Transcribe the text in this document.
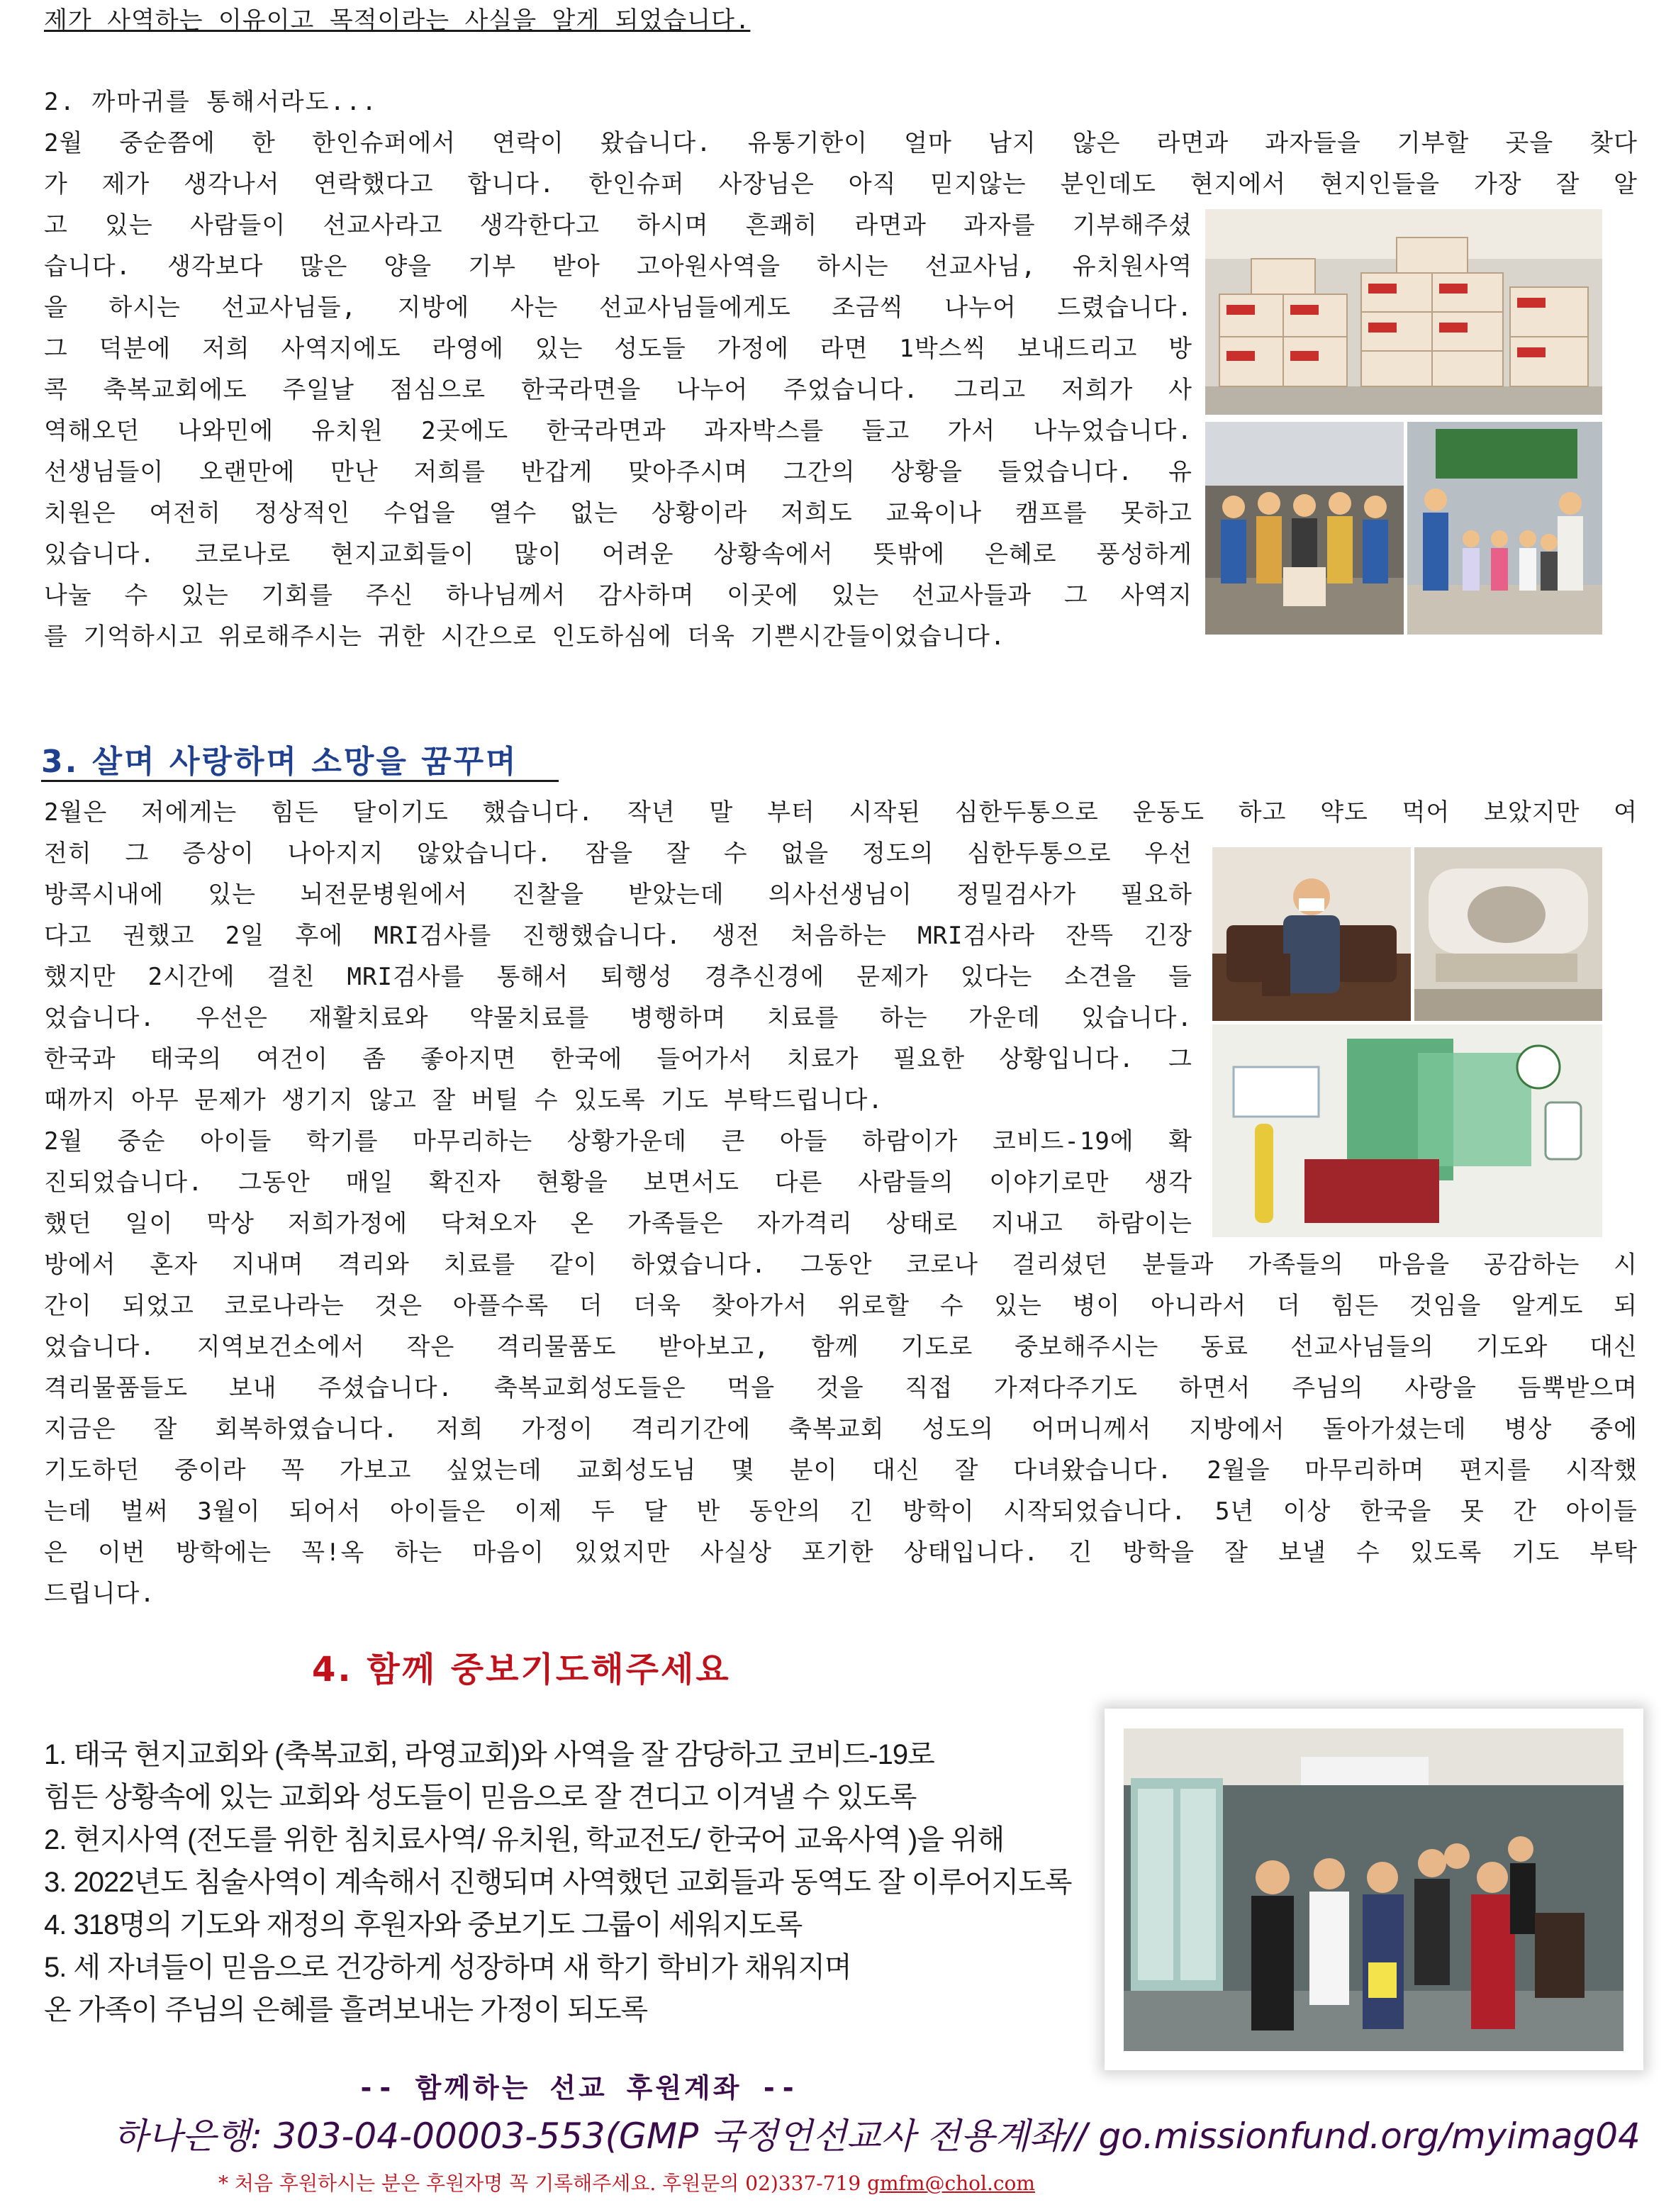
제가 사역하는 이유이고 목적이라는 사실을 알게 되었습니다.
2. 까마귀를 통해서라도...
2월 중순쯤에 한 한인슈퍼에서 연락이 왔습니다. 유통기한이 얼마 남지 않은 라면과 과자들을 기부할 곳을 찾다
가 제가 생각나서 연락했다고 합니다. 한인슈퍼 사장님은 아직 믿지않는 분인데도 현지에서 현지인들을 가장 잘 알
고 있는 사람들이 선교사라고 생각한다고 하시며 흔쾌히 라면과 과자를 기부해주셨
습니다. 생각보다 많은 양을 기부 받아 고아원사역을 하시는 선교사님, 유치원사역
을 하시는 선교사님들, 지방에 사는 선교사님들에게도 조금씩 나누어 드렸습니다.
그 덕분에 저희 사역지에도 라영에 있는 성도들 가정에 라면 1박스씩 보내드리고 방
콕 축복교회에도 주일날 점심으로 한국라면을 나누어 주었습니다. 그리고 저희가 사
역해오던 나와민에 유치원 2곳에도 한국라면과 과자박스를 들고 가서 나누었습니다.
선생님들이 오랜만에 만난 저희를 반갑게 맞아주시며 그간의 상황을 들었습니다. 유
치원은 여전히 정상적인 수업을 열수 없는 상황이라 저희도 교육이나 캠프를 못하고
있습니다. 코로나로 현지교회들이 많이 어려운 상황속에서 뜻밖에 은혜로 풍성하게
나눌 수 있는 기회를 주신 하나님께서 감사하며 이곳에 있는 선교사들과 그 사역지
를 기억하시고 위로해주시는 귀한 시간으로 인도하심에 더욱 기쁜시간들이었습니다.
3. 살며 사랑하며 소망을 꿈꾸며
2월은 저에게는 힘든 달이기도 했습니다. 작년 말 부터 시작된 심한두통으로 운동도 하고 약도 먹어 보았지만 여
전히 그 증상이 나아지지 않았습니다. 잠을 잘 수 없을 정도의 심한두통으로 우선
방콕시내에 있는 뇌전문병원에서 진찰을 받았는데 의사선생님이 정밀검사가 필요하
다고 권했고 2일 후에 MRI검사를 진행했습니다. 생전 처음하는 MRI검사라 잔뜩 긴장
했지만 2시간에 걸친 MRI검사를 통해서 퇴행성 경추신경에 문제가 있다는 소견을 들
었습니다. 우선은 재활치료와 약물치료를 병행하며 치료를 하는 가운데 있습니다.
한국과 태국의 여건이 좀 좋아지면 한국에 들어가서 치료가 필요한 상황입니다. 그
때까지 아무 문제가 생기지 않고 잘 버틸 수 있도록 기도 부탁드립니다.
2월 중순 아이들 학기를 마무리하는 상황가운데 큰 아들 하람이가 코비드-19에 확
진되었습니다. 그동안 매일 확진자 현황을 보면서도 다른 사람들의 이야기로만 생각
했던 일이 막상 저희가정에 닥쳐오자 온 가족들은 자가격리 상태로 지내고 하람이는
방에서 혼자 지내며 격리와 치료를 같이 하였습니다. 그동안 코로나 걸리셨던 분들과 가족들의 마음을 공감하는 시
간이 되었고 코로나라는 것은 아플수록 더 더욱 찾아가서 위로할 수 있는 병이 아니라서 더 힘든 것임을 알게도 되
었습니다. 지역보건소에서 작은 격리물품도 받아보고, 함께 기도로 중보해주시는 동료 선교사님들의 기도와 대신
격리물품들도 보내 주셨습니다. 축복교회성도들은 먹을 것을 직접 가져다주기도 하면서 주님의 사랑을 듬뿍받으며
지금은 잘 회복하였습니다. 저희 가정이 격리기간에 축복교회 성도의 어머니께서 지방에서 돌아가셨는데 병상 중에
기도하던 중이라 꼭 가보고 싶었는데 교회성도님 몇 분이 대신 잘 다녀왔습니다. 2월을 마무리하며 편지를 시작했
는데 벌써 3월이 되어서 아이들은 이제 두 달 반 동안의 긴 방학이 시작되었습니다. 5년 이상 한국을 못 간 아이들
은 이번 방학에는 꼭!옥 하는 마음이 있었지만 사실상 포기한 상태입니다. 긴 방학을 잘 보낼 수 있도록 기도 부탁
드립니다.
4. 함께 중보기도해주세요
1. 태국 현지교회와 (축복교회, 라영교회)와 사역을 잘 감당하고 코비드-19로
힘든 상황속에 있는 교회와 성도들이 믿음으로 잘 견디고 이겨낼 수 있도록
2. 현지사역 (전도를 위한 침치료사역/ 유치원, 학교전도/ 한국어 교육사역 )을 위해
3. 2022년도 침술사역이 계속해서 진행되며 사역했던 교회들과 동역도 잘 이루어지도록
4. 318명의 기도와 재정의 후원자와 중보기도 그룹이 세워지도록
5. 세 자녀들이 믿음으로 건강하게 성장하며 새 학기 학비가 채워지며
온 가족이 주님의 은혜를 흘려보내는 가정이 되도록
-- 함께하는 선교 후원계좌 --
하나은행: 303-04-00003-553(GMP 국정언선교사 전용계좌// go.missionfund.org/myimag04
* 처음 후원하시는 분은 후원자명 꼭 기록해주세요. 후원문의 02)337-719 gmfm@chol.com
